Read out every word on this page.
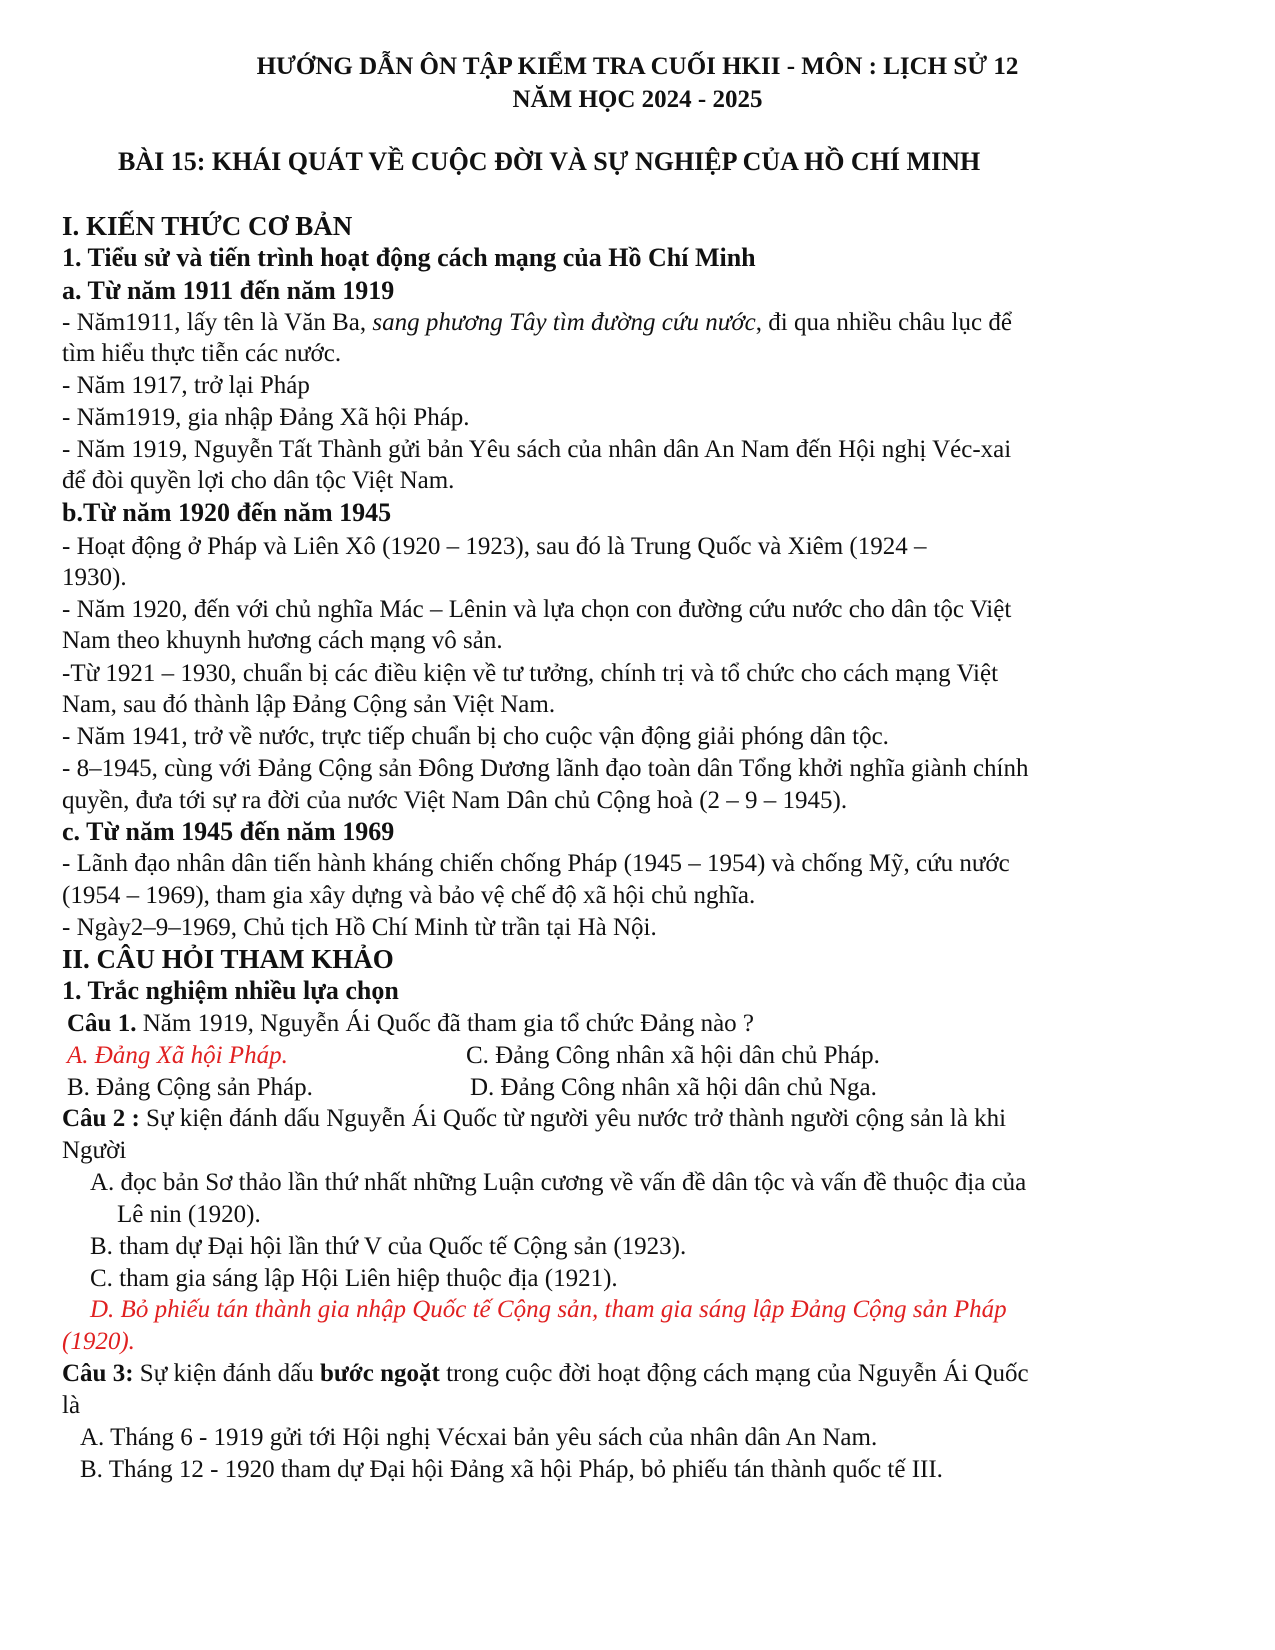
HƯỚNG DẪN ÔN TẬP KIỂM TRA CUỐI HKII - MÔN : LỊCH SỬ 12
NĂM HỌC 2024 - 2025
BÀI 15: KHÁI QUÁT VỀ CUỘC ĐỜI VÀ SỰ NGHIỆP CỦA HỒ CHÍ MINH
I. KIẾN THỨC CƠ BẢN
1. Tiểu sử và tiến trình hoạt động cách mạng của Hồ Chí Minh
a. Từ năm 1911 đến năm 1919
- Năm1911, lấy tên là Văn Ba, sang phương Tây tìm đường cứu nước, đi qua nhiều châu lục để
tìm hiểu thực tiễn các nước.
- Năm 1917, trở lại Pháp
- Năm1919, gia nhập Đảng Xã hội Pháp.
- Năm 1919, Nguyễn Tất Thành gửi bản Yêu sách của nhân dân An Nam đến Hội nghị Véc-xai
để đòi quyền lợi cho dân tộc Việt Nam.
b.Từ năm 1920 đến năm 1945
- Hoạt động ở Pháp và Liên Xô (1920 – 1923), sau đó là Trung Quốc và Xiêm (1924 –
1930).
- Năm 1920, đến với chủ nghĩa Mác – Lênin và lựa chọn con đường cứu nước cho dân tộc Việt
Nam theo khuynh hương cách mạng vô sản.
-Từ 1921 – 1930, chuẩn bị các điều kiện về tư tưởng, chính trị và tổ chức cho cách mạng Việt
Nam, sau đó thành lập Đảng Cộng sản Việt Nam.
- Năm 1941, trở về nước, trực tiếp chuẩn bị cho cuộc vận động giải phóng dân tộc.
- 8–1945, cùng với Đảng Cộng sản Đông Dương lãnh đạo toàn dân Tổng khởi nghĩa giành chính
quyền, đưa tới sự ra đời của nước Việt Nam Dân chủ Cộng hoà (2 – 9 – 1945).
c. Từ năm 1945 đến năm 1969
- Lãnh đạo nhân dân tiến hành kháng chiến chống Pháp (1945 – 1954) và chống Mỹ, cứu nước
(1954 – 1969), tham gia xây dựng và bảo vệ chế độ xã hội chủ nghĩa.
- Ngày2–9–1969, Chủ tịch Hồ Chí Minh từ trần tại Hà Nội.
II. CÂU HỎI THAM KHẢO
1. Trắc nghiệm nhiều lựa chọn
Câu 1. Năm 1919, Nguyễn Ái Quốc đã tham gia tổ chức Đảng nào ?
A. Đảng Xã hội Pháp.	C. Đảng Công nhân xã hội dân chủ Pháp.
B. Đảng Cộng sản Pháp.	D. Đảng Công nhân xã hội dân chủ Nga.
Câu 2 : Sự kiện đánh dấu Nguyễn Ái Quốc từ người yêu nước trở thành người cộng sản là khi
Người
A. đọc bản Sơ thảo lần thứ nhất những Luận cương về vấn đề dân tộc và vấn đề thuộc địa của
Lê nin (1920).
B. tham dự Đại hội lần thứ V của Quốc tế Cộng sản (1923).
C. tham gia sáng lập Hội Liên hiệp thuộc địa (1921).
D. Bỏ phiếu tán thành gia nhập Quốc tế Cộng sản, tham gia sáng lập Đảng Cộng sản Pháp
(1920).
Câu 3: Sự kiện đánh dấu bước ngoặt trong cuộc đời hoạt động cách mạng của Nguyễn Ái Quốc
là
A. Tháng 6 - 1919 gửi tới Hội nghị Vécxai bản yêu sách của nhân dân An Nam.
B. Tháng 12 - 1920 tham dự Đại hội Đảng xã hội Pháp, bỏ phiếu tán thành quốc tế III.
